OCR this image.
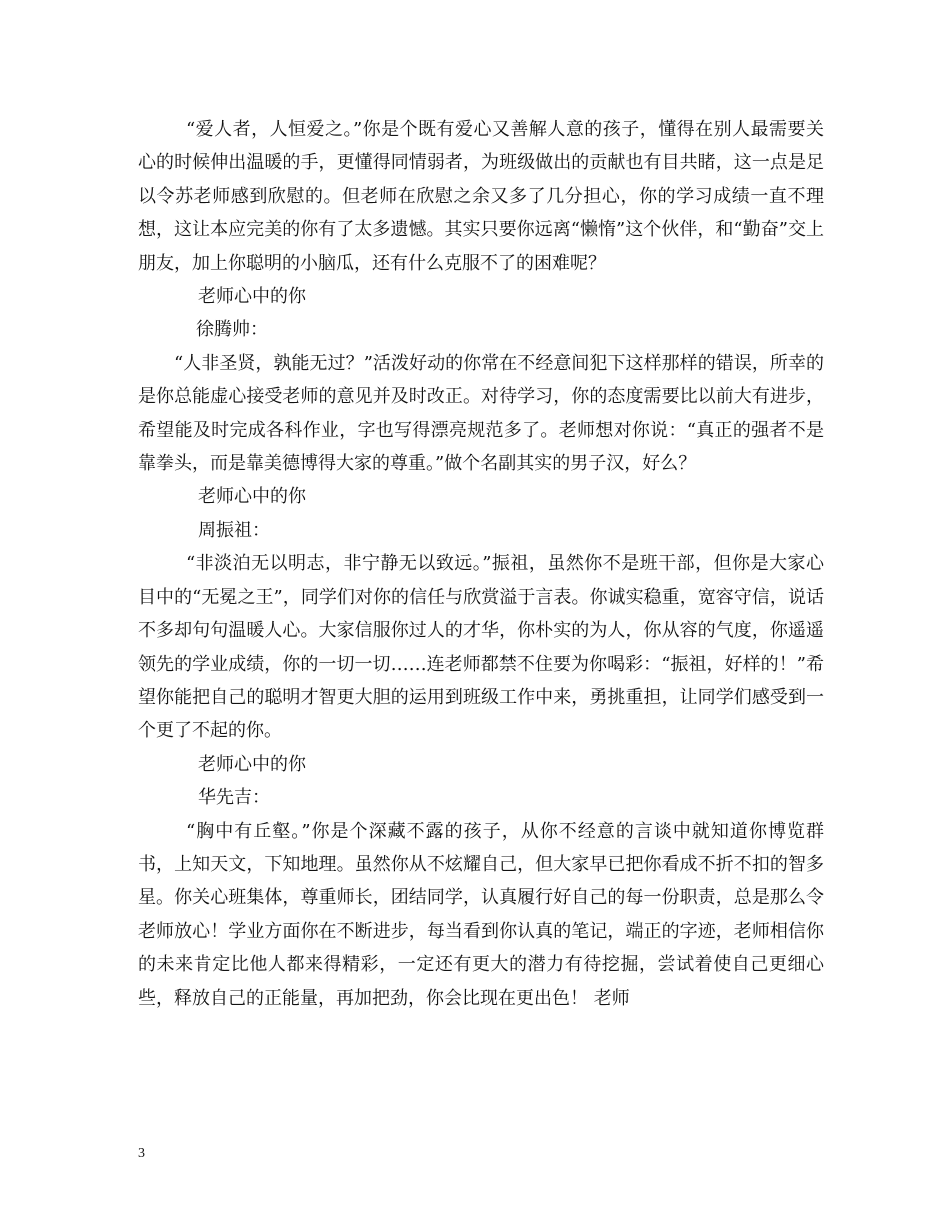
“爱人者，人恒爱之。”你是个既有爱心又善解人意的孩子，懂得在别人最需要关心的时候伸出温暖的手，更懂得同情弱者，为班级做出的贡献也有目共睹，这一点是足以令苏老师感到欣慰的。但老师在欣慰之余又多了几分担心，你的学习成绩一直不理想，这让本应完美的你有了太多遗憾。其实只要你远离“懒惰”这个伙伴，和“勤奋”交上朋友，加上你聪明的小脑瓜，还有什么克服不了的困难呢？

老师心中的你

徐腾帅：

“人非圣贤，孰能无过？”活泼好动的你常在不经意间犯下这样那样的错误，所幸的是你总能虚心接受老师的意见并及时改正。对待学习，你的态度需要比以前大有进步，希望能及时完成各科作业，字也写得漂亮规范多了。老师想对你说：“真正的强者不是靠拳头，而是靠美德博得大家的尊重。”做个名副其实的男子汉，好么？

老师心中的你

周振祖：

“非淡泊无以明志，非宁静无以致远。”振祖，虽然你不是班干部，但你是大家心目中的“无冕之王”，同学们对你的信任与欣赏溢于言表。你诚实稳重，宽容守信，说话不多却句句温暖人心。大家信服你过人的才华，你朴实的为人，你从容的气度，你遥遥领先的学业成绩，你的一切一切……连老师都禁不住要为你喝彩：“振祖，好样的！”希望你能把自己的聪明才智更大胆的运用到班级工作中来，勇挑重担，让同学们感受到一个更了不起的你。

老师心中的你

华先吉：

“胸中有丘壑。”你是个深藏不露的孩子，从你不经意的言谈中就知道你博览群书，上知天文，下知地理。虽然你从不炫耀自己，但大家早已把你看成不折不扣的智多星。你关心班集体，尊重师长，团结同学，认真履行好自己的每一份职责，总是那么令老师放心！学业方面你在不断进步，每当看到你认真的笔记，端正的字迹，老师相信你的未来肯定比他人都来得精彩，一定还有更大的潜力有待挖掘，尝试着使自己更细心些，释放自己的正能量，再加把劲，你会比现在更出色！ 老师

3
